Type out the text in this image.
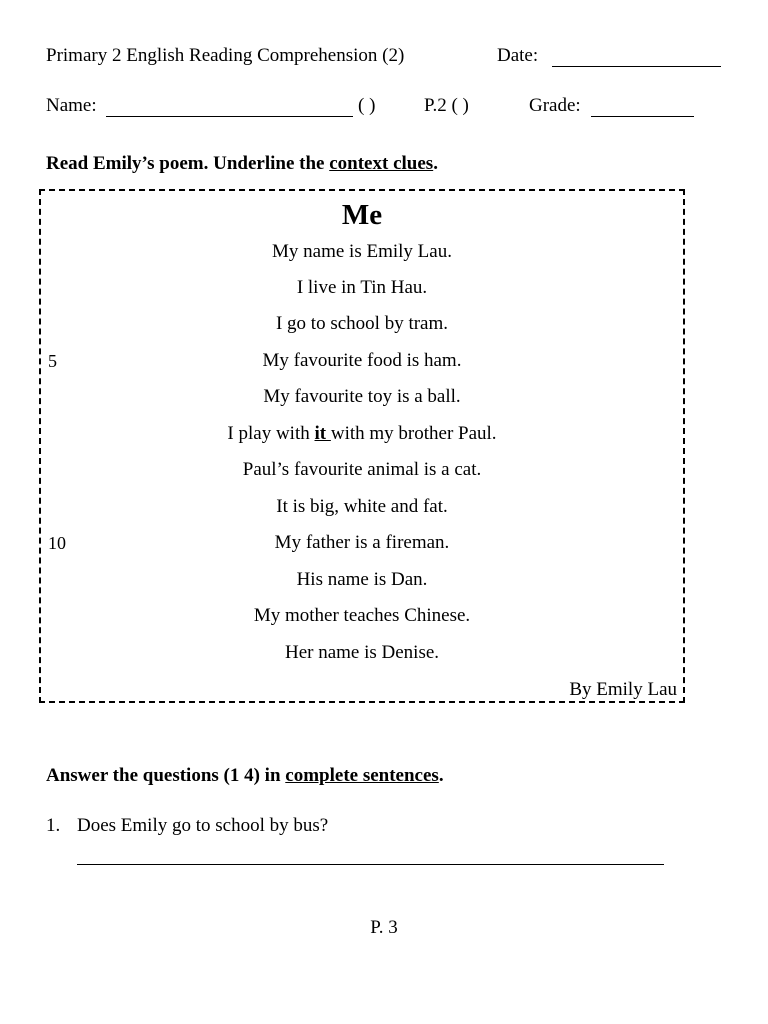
Primary 2 English Reading Comprehension (2)	Date:
Name:	( )	P.2 ( )	Grade:
Read Emily’s poem. Underline the context clues.
Me
My name is Emily Lau.
I live in Tin Hau.
I go to school by tram.
5	My favourite food is ham.
My favourite toy is a ball.
I play with it with my brother Paul.
Paul’s favourite animal is a cat.
It is big, white and fat.
10	My father is a fireman.
His name is Dan.
My mother teaches Chinese.
Her name is Denise.
By Emily Lau
Answer the questions (1 4) in complete sentences.
1. Does Emily go to school by bus?
P. 3
